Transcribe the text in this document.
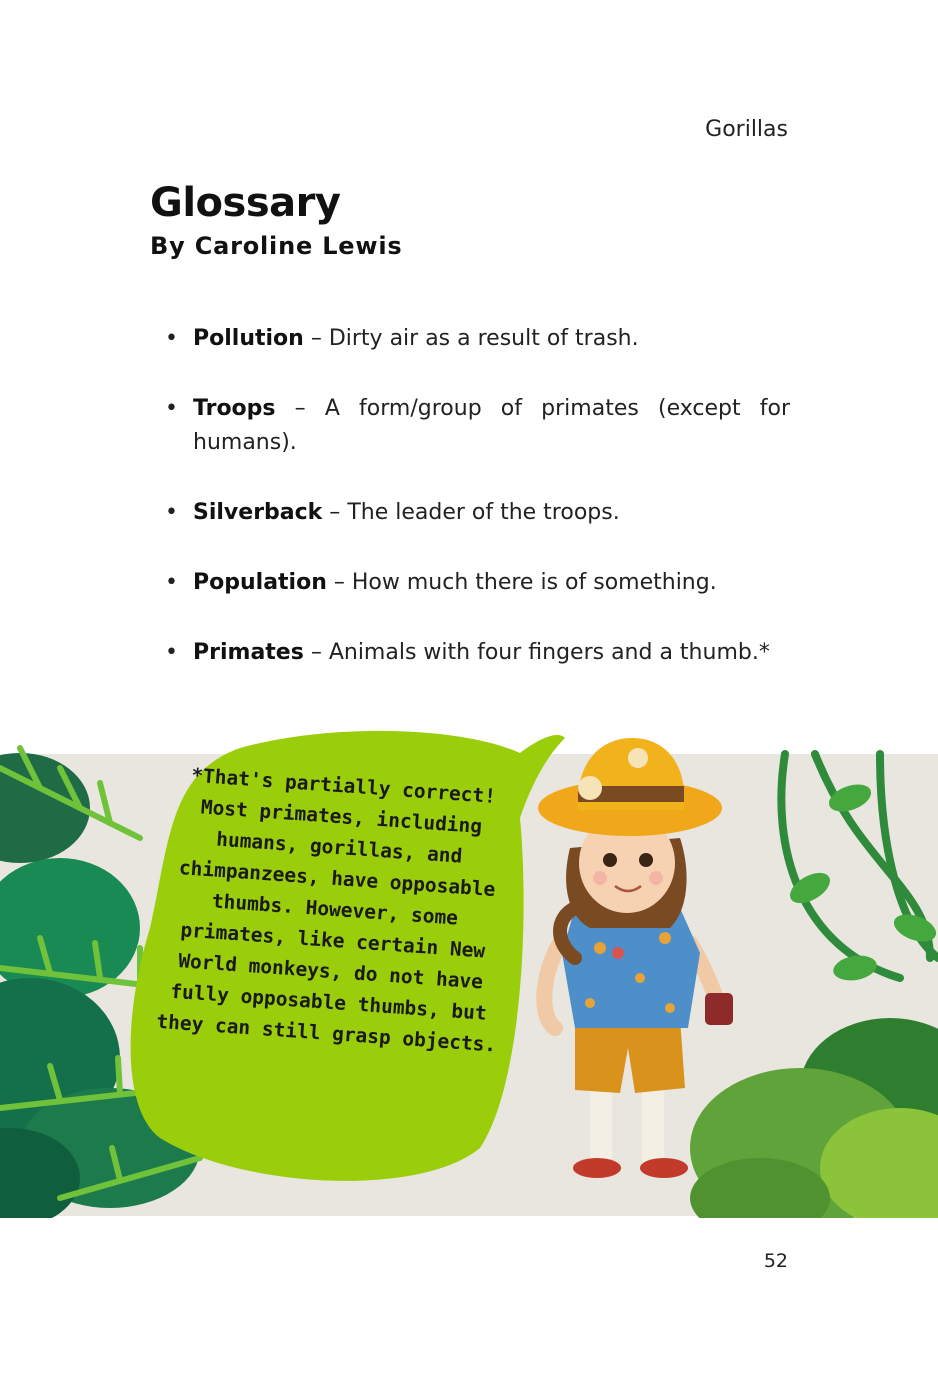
Gorillas
Glossary
By Caroline Lewis
• Pollution – Dirty air as a result of trash.
• Troops – A form/group of primates (except for humans).
• Silverback – The leader of the troops.
• Population – How much there is of something.
• Primates – Animals with four fingers and a thumb.*
*That's partially correct! Most primates, including humans, gorillas, and chimpanzees, have opposable thumbs. However, some primates, like certain New World monkeys, do not have fully opposable thumbs, but they can still grasp objects.
52
